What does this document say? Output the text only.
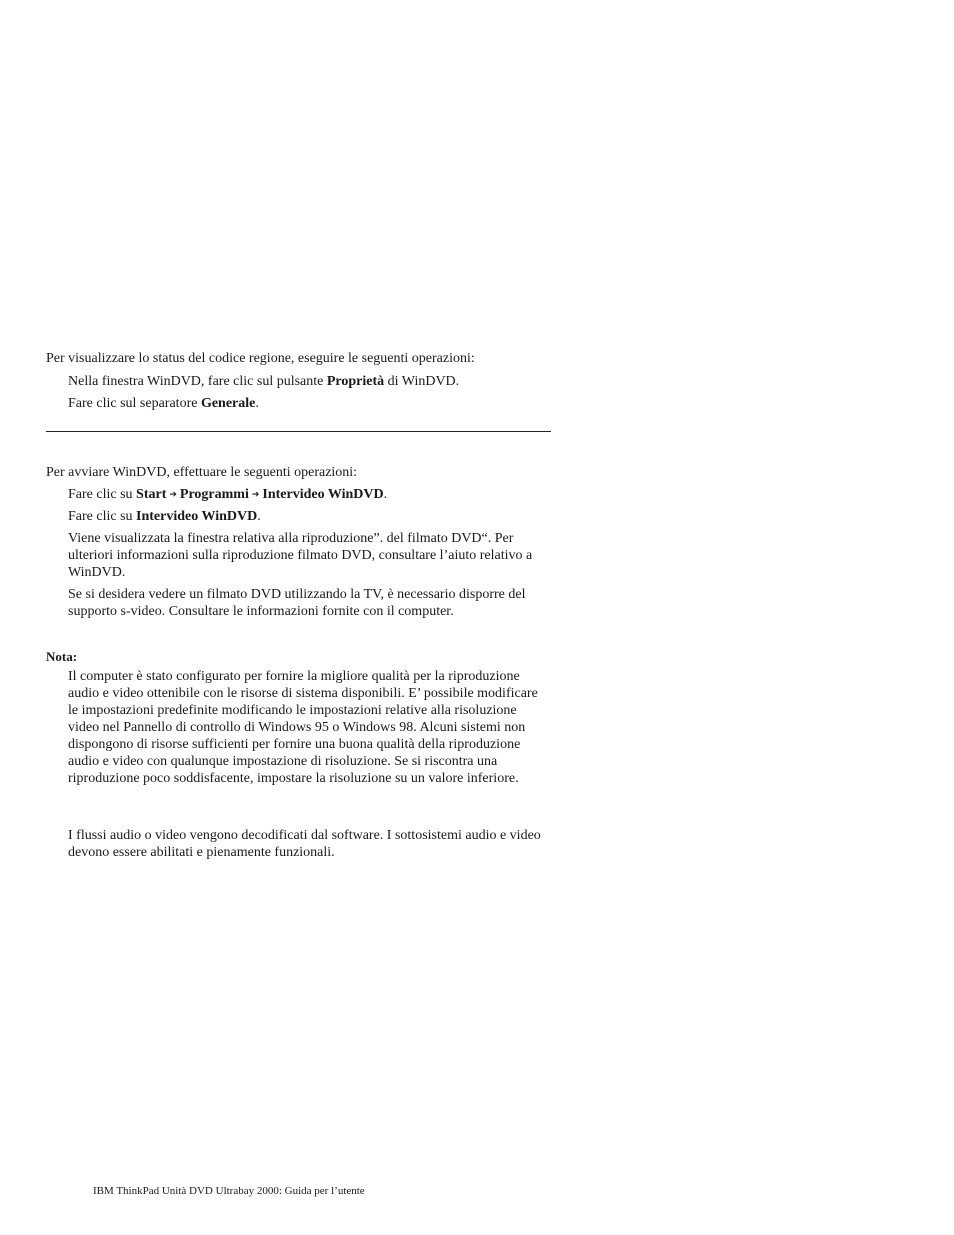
Per visualizzare lo status del codice regione, eseguire le seguenti operazioni:
Nella finestra WinDVD, fare clic sul pulsante Proprietà di WinDVD.
Fare clic sul separatore Generale.
Per avviare WinDVD, effettuare le seguenti operazioni:
Fare clic su Start ➔ Programmi ➔ Intervideo WinDVD.
Fare clic su Intervideo WinDVD.
Viene visualizzata la finestra relativa alla riproduzione”. del filmato DVD“. Per ulteriori informazioni sulla riproduzione filmato DVD, consultare l’aiuto relativo a WinDVD.
Se si desidera vedere un filmato DVD utilizzando la TV, è necessario disporre del supporto s-video. Consultare le informazioni fornite con il computer.
Nota:
Il computer è stato configurato per fornire la migliore qualità per la riproduzione audio e video ottenibile con le risorse di sistema disponibili. E’ possibile modificare le impostazioni predefinite modificando le impostazioni relative alla risoluzione video nel Pannello di controllo di Windows 95 o Windows 98. Alcuni sistemi non dispongono di risorse sufficienti per fornire una buona qualità della riproduzione audio e video con qualunque impostazione di risoluzione. Se si riscontra una riproduzione poco soddisfacente, impostare la risoluzione su un valore inferiore.
I flussi audio o video vengono decodificati dal software. I sottosistemi audio e video devono essere abilitati e pienamente funzionali.
IBM ThinkPad Unità DVD Ultrabay 2000: Guida per l’utente
